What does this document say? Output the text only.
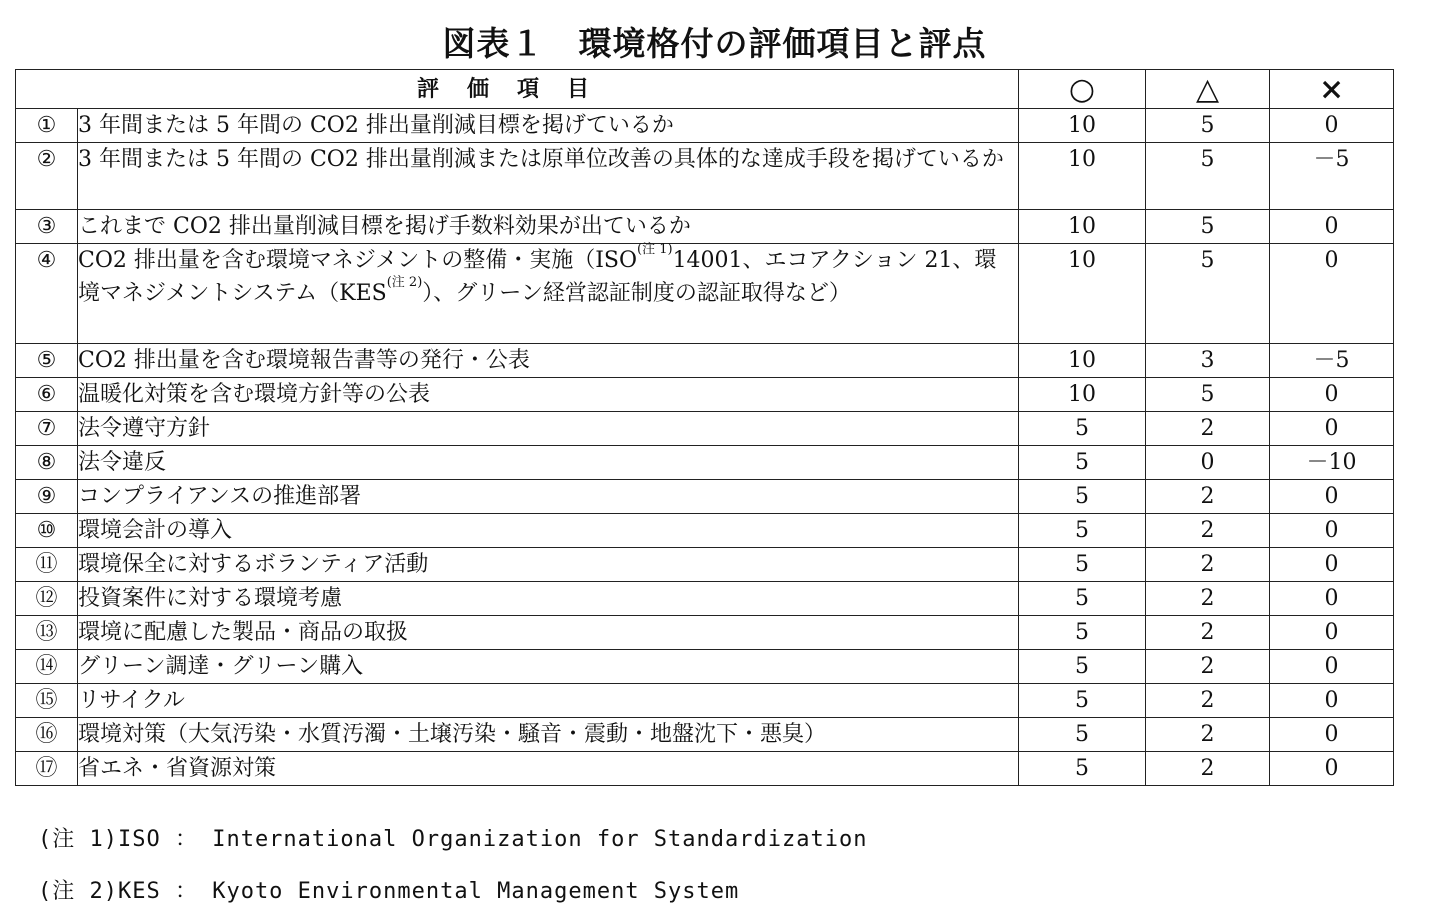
図表１　環境格付の評価項目と評点
評価項目		○	△	×
①	3 年間または 5 年間の CO2 排出量削減目標を掲げているか	10	5	0
②	3 年間または 5 年間の CO2 排出量削減または原単位改善の具体的な達成手段を掲げているか	10	5	－5
③	これまで CO2 排出量削減目標を掲げ手数料効果が出ているか	10	5	0
④	CO2 排出量を含む環境マネジメントの整備・実施（ISO$^{(注 1)}$14001、エコアクション 21、環境マネジメントシステム（KES$^{(注 2)}$）、グリーン経営認証制度の認証取得など）	10	5	0
⑤	CO2 排出量を含む環境報告書等の発行・公表	10	3	－5
⑥	温暖化対策を含む環境方針等の公表	10	5	0
⑦	法令遵守方針	5	2	0
⑧	法令違反	5	0	－10
⑨	コンプライアンスの推進部署	5	2	0
⑩	環境会計の導入	5	2	0
⑪	環境保全に対するボランティア活動	5	2	0
⑫	投資案件に対する環境考慮	5	2	0
⑬	環境に配慮した製品・商品の取扱	5	2	0
⑭	グリーン調達・グリーン購入	5	2	0
⑮	リサイクル	5	2	0
⑯	環境対策（大気汚染・水質汚濁・土壌汚染・騒音・震動・地盤沈下・悪臭）	5	2	0
⑰	省エネ・省資源対策	5	2	0
(注 1)ISO ： International Organization for Standardization
(注 2)KES ： Kyoto Environmental Management System
